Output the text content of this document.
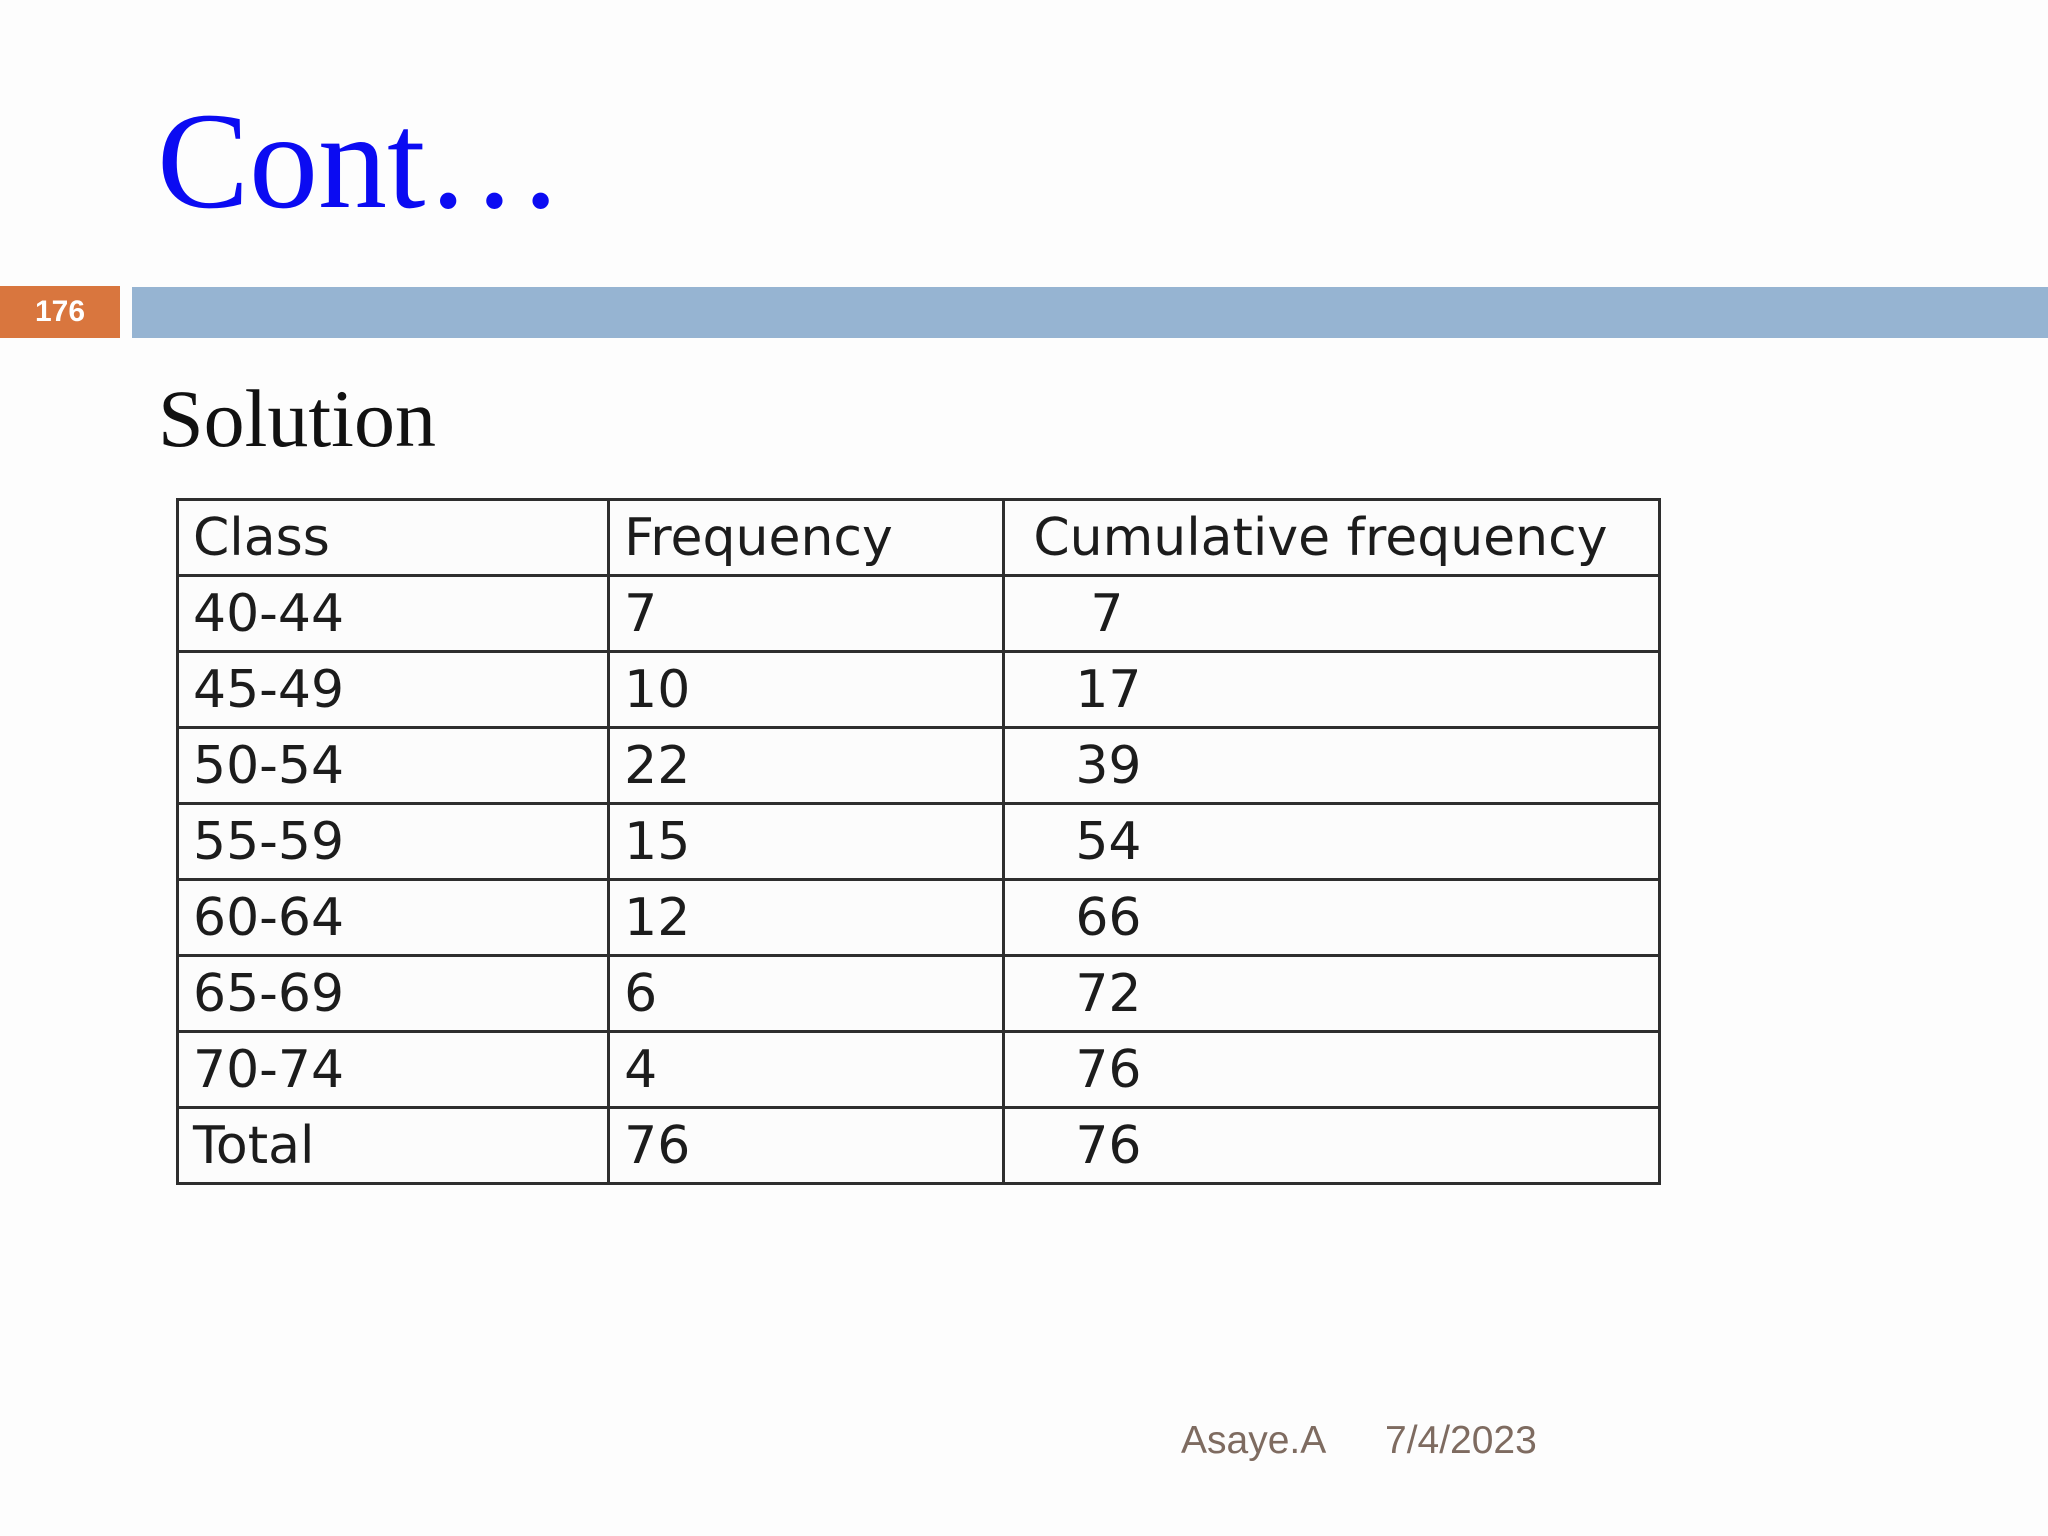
Cont…
176
Solution
Class	Frequency	Cumulative frequency
40-44	7	7
45-49	10	17
50-54	22	39
55-59	15	54
60-64	12	66
65-69	6	72
70-74	4	76
Total	76	76
Asaye.A 7/4/2023
